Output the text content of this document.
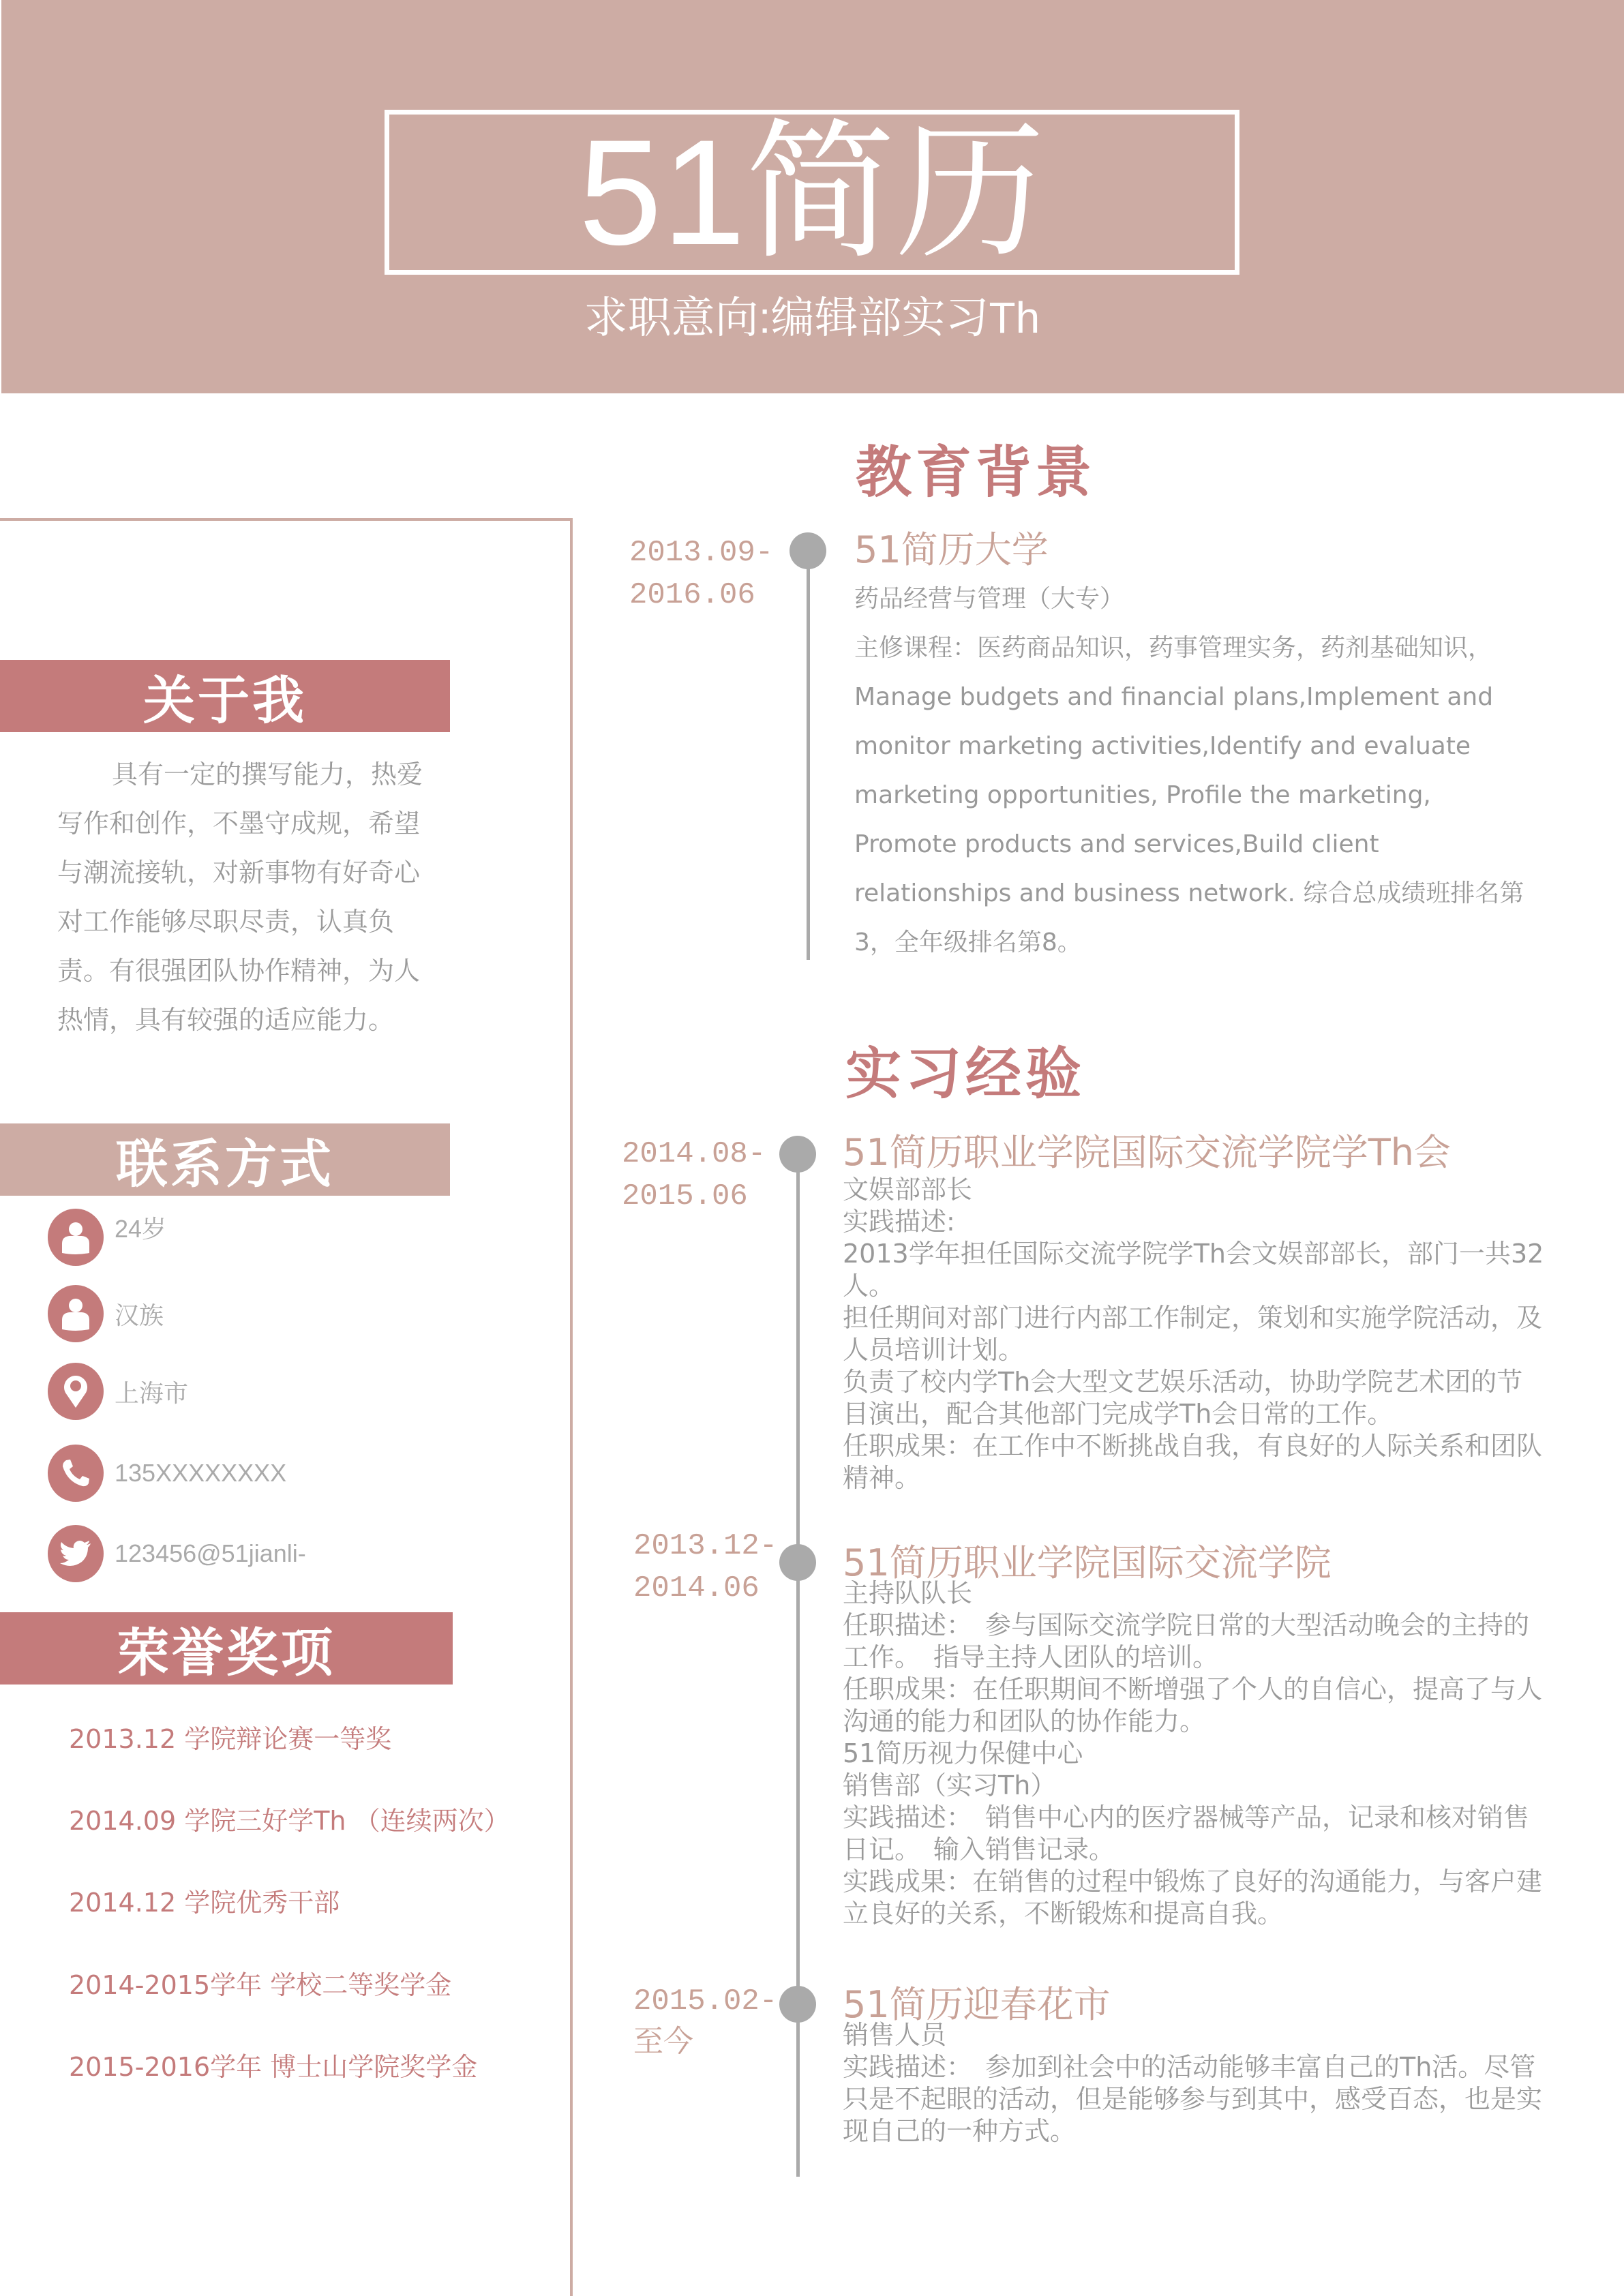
51简历
求职意向:编辑部实习Th
关于我
具有一定的撰写能力，热爱写作和创作，不墨守成规，希望与潮流接轨，对新事物有好奇心对工作能够尽职尽责，认真负责。有很强团队协作精神，为人热情，具有较强的适应能力。
联系方式
24岁
汉族
上海市
135XXXXXXXX
123456@51jianli-
荣誉奖项
2013.12 学院辩论赛一等奖
2014.09 学院三好学Th （连续两次）
2014.12 学院优秀干部
2014-2015学年 学校二等奖学金
2015-2016学年 博士山学院奖学金
教育背景
2013.09-
2016.06
51简历大学
药品经营与管理（大专）
主修课程：医药商品知识，药事管理实务，药剂基础知识，Manage budgets and financial plans,Implement and monitor marketing activities,Identify and evaluate marketing opportunities, Profile the marketing, Promote products and services,Build client relationships and business network. 综合总成绩班排名第3，全年级排名第8。
实习经验
2014.08-
2015.06
51简历职业学院国际交流学院学Th会
文娱部部长
实践描述:
2013学年担任国际交流学院学Th会文娱部部长，部门一共32人。
担任期间对部门进行内部工作制定，策划和实施学院活动，及人员培训计划。
负责了校内学Th会大型文艺娱乐活动，协助学院艺术团的节目演出，配合其他部门完成学Th会日常的工作。
任职成果：在工作中不断挑战自我，有良好的人际关系和团队精神。
2013.12-
2014.06
51简历职业学院国际交流学院
主持队队长
任职描述：　参与国际交流学院日常的大型活动晚会的主持的工作。　指导主持人团队的培训。
任职成果：在任职期间不断增强了个人的自信心，提高了与人沟通的能力和团队的协作能力。
51简历视力保健中心
销售部（实习Th）
实践描述：　销售中心内的医疗器械等产品，记录和核对销售日记。　输入销售记录。
实践成果：在销售的过程中锻炼了良好的沟通能力，与客户建立良好的关系，不断锻炼和提高自我。
2015.02-
至今
51简历迎春花市
销售人员
实践描述：　参加到社会中的活动能够丰富自己的Th活。尽管只是不起眼的活动，但是能够参与到其中，感受百态，也是实现自己的一种方式。
